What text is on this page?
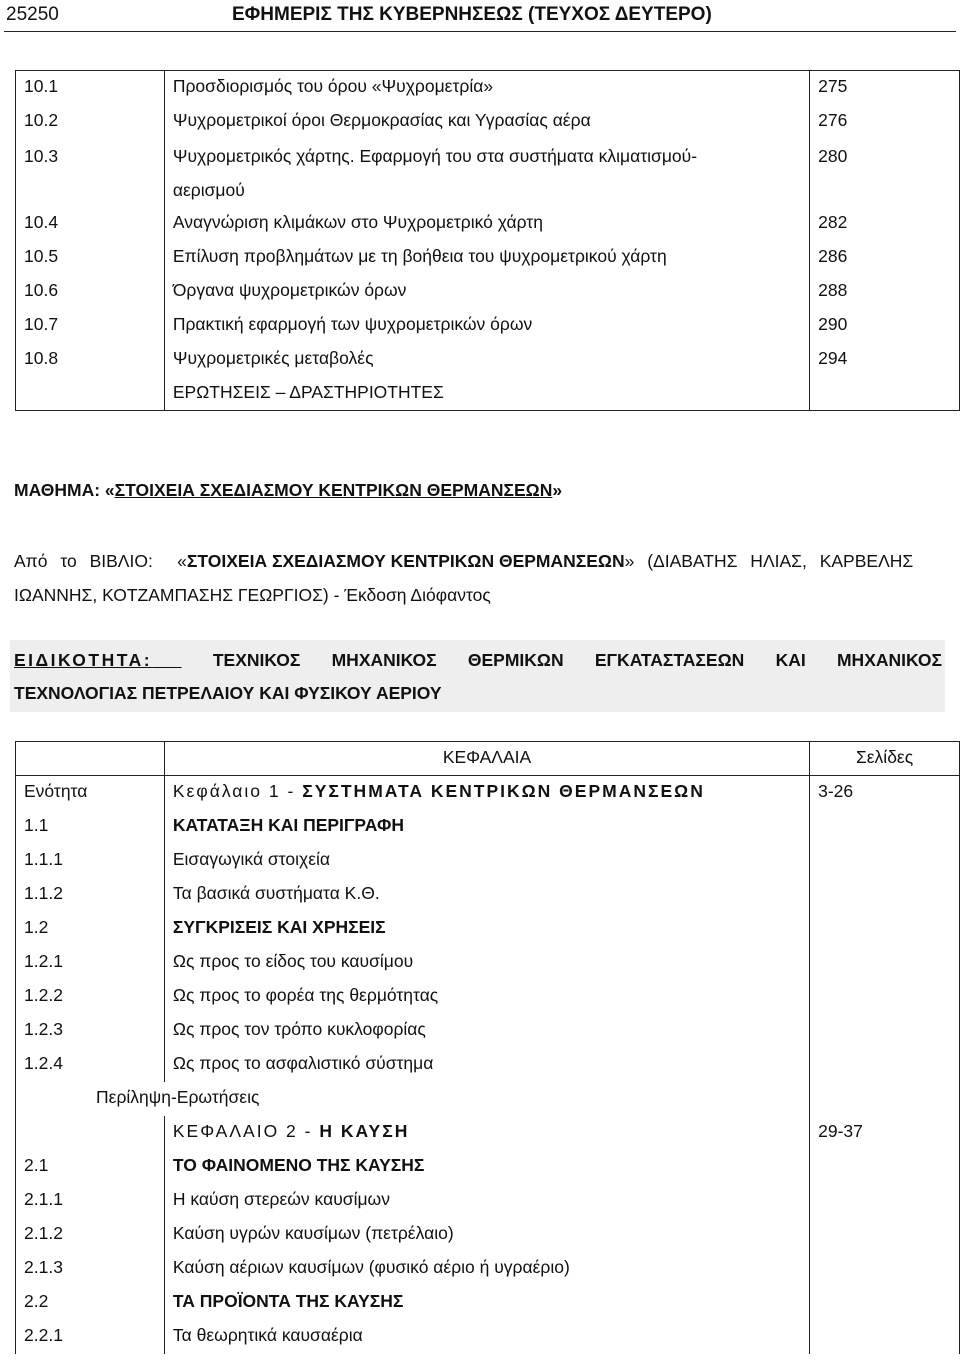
25250	ΕΦΗΜΕΡΙΣ ΤΗΣ ΚΥΒΕΡΝΗΣΕΩΣ (ΤΕΥΧΟΣ ΔΕΥΤΕΡΟ)
10.1	Προσδιορισμός του όρου «Ψυχρομετρία»	275
10.2	Ψυχρομετρικοί όροι Θερμοκρασίας και Υγρασίας αέρα	276
10.3	Ψυχρομετρικός χάρτης. Εφαρμογή του στα συστήματα κλιματισμού-
αερισμού	280
10.4	Αναγνώριση κλιμάκων στο Ψυχρομετρικό χάρτη	282
10.5	Επίλυση προβλημάτων με τη βοήθεια του ψυχρομετρικού χάρτη	286
10.6	Όργανα ψυχρομετρικών όρων	288
10.7	Πρακτική εφαρμογή των ψυχρομετρικών όρων	290
10.8	Ψυχρομετρικές μεταβολές	294
	ΕΡΩΤΗΣΕΙΣ – ΔΡΑΣΤΗΡΙΟΤΗΤΕΣ	
ΜΑΘΗΜΑ: «ΣΤΟΙΧΕΙΑ ΣΧΕΔΙΑΣΜΟΥ ΚΕΝΤΡΙΚΩΝ ΘΕΡΜΑΝΣΕΩΝ»
Από το ΒΙΒΛΙΟ: «ΣΤΟΙΧΕΙΑ ΣΧΕΔΙΑΣΜΟΥ ΚΕΝΤΡΙΚΩΝ ΘΕΡΜΑΝΣΕΩΝ» (ΔΙΑΒΑΤΗΣ ΗΛΙΑΣ, ΚΑΡΒΕΛΗΣ
ΙΩΑΝΝΗΣ, ΚΟΤΖΑΜΠΑΣΗΣ ΓΕΩΡΓΙΟΣ) - Έκδοση Διόφαντος
ΕΙΔΙΚΟΤΗΤΑ:	ΤΕΧΝΙΚΟΣ ΜΗΧΑΝΙΚΟΣ ΘΕΡΜΙΚΩΝ ΕΓΚΑΤΑΣΤΑΣΕΩΝ ΚΑΙ ΜΗΧΑΝΙΚΟΣ
ΤΕΧΝΟΛΟΓΙΑΣ ΠΕΤΡΕΛΑΙΟΥ ΚΑΙ ΦΥΣΙΚΟΥ ΑΕΡΙΟΥ
	ΚΕΦΑΛΑΙΑ	Σελίδες
Ενότητα	Κεφάλαιο 1 - ΣΥΣΤΗΜΑΤΑ ΚΕΝΤΡΙΚΩΝ ΘΕΡΜΑΝΣΕΩΝ	3-26
1.1	ΚΑΤΑΤΑΞΗ ΚΑΙ ΠΕΡΙΓΡΑΦΗ	
1.1.1	Εισαγωγικά στοιχεία	
1.1.2	Τα βασικά συστήματα Κ.Θ.	
1.2	ΣΥΓΚΡΙΣΕΙΣ ΚΑΙ ΧΡΗΣΕΙΣ	
1.2.1	Ως προς το είδος του καυσίμου	
1.2.2	Ως προς το φορέα της θερμότητας	
1.2.3	Ως προς τον τρόπο κυκλοφορίας	
1.2.4	Ως προς το ασφαλιστικό σύστημα	
Περίληψη-Ερωτήσεις		
	ΚΕΦΑΛΑΙΟ 2 - Η ΚΑΥΣΗ	29-37
2.1	ΤΟ ΦΑΙΝΟΜΕΝΟ ΤΗΣ ΚΑΥΣΗΣ	
2.1.1	Η καύση στερεών καυσίμων	
2.1.2	Καύση υγρών καυσίμων (πετρέλαιο)	
2.1.3	Καύση αέριων καυσίμων (φυσικό αέριο ή υγραέριο)	
2.2	ΤΑ ΠΡΟΪΟΝΤΑ ΤΗΣ ΚΑΥΣΗΣ	
2.2.1	Τα θεωρητικά καυσαέρια	
